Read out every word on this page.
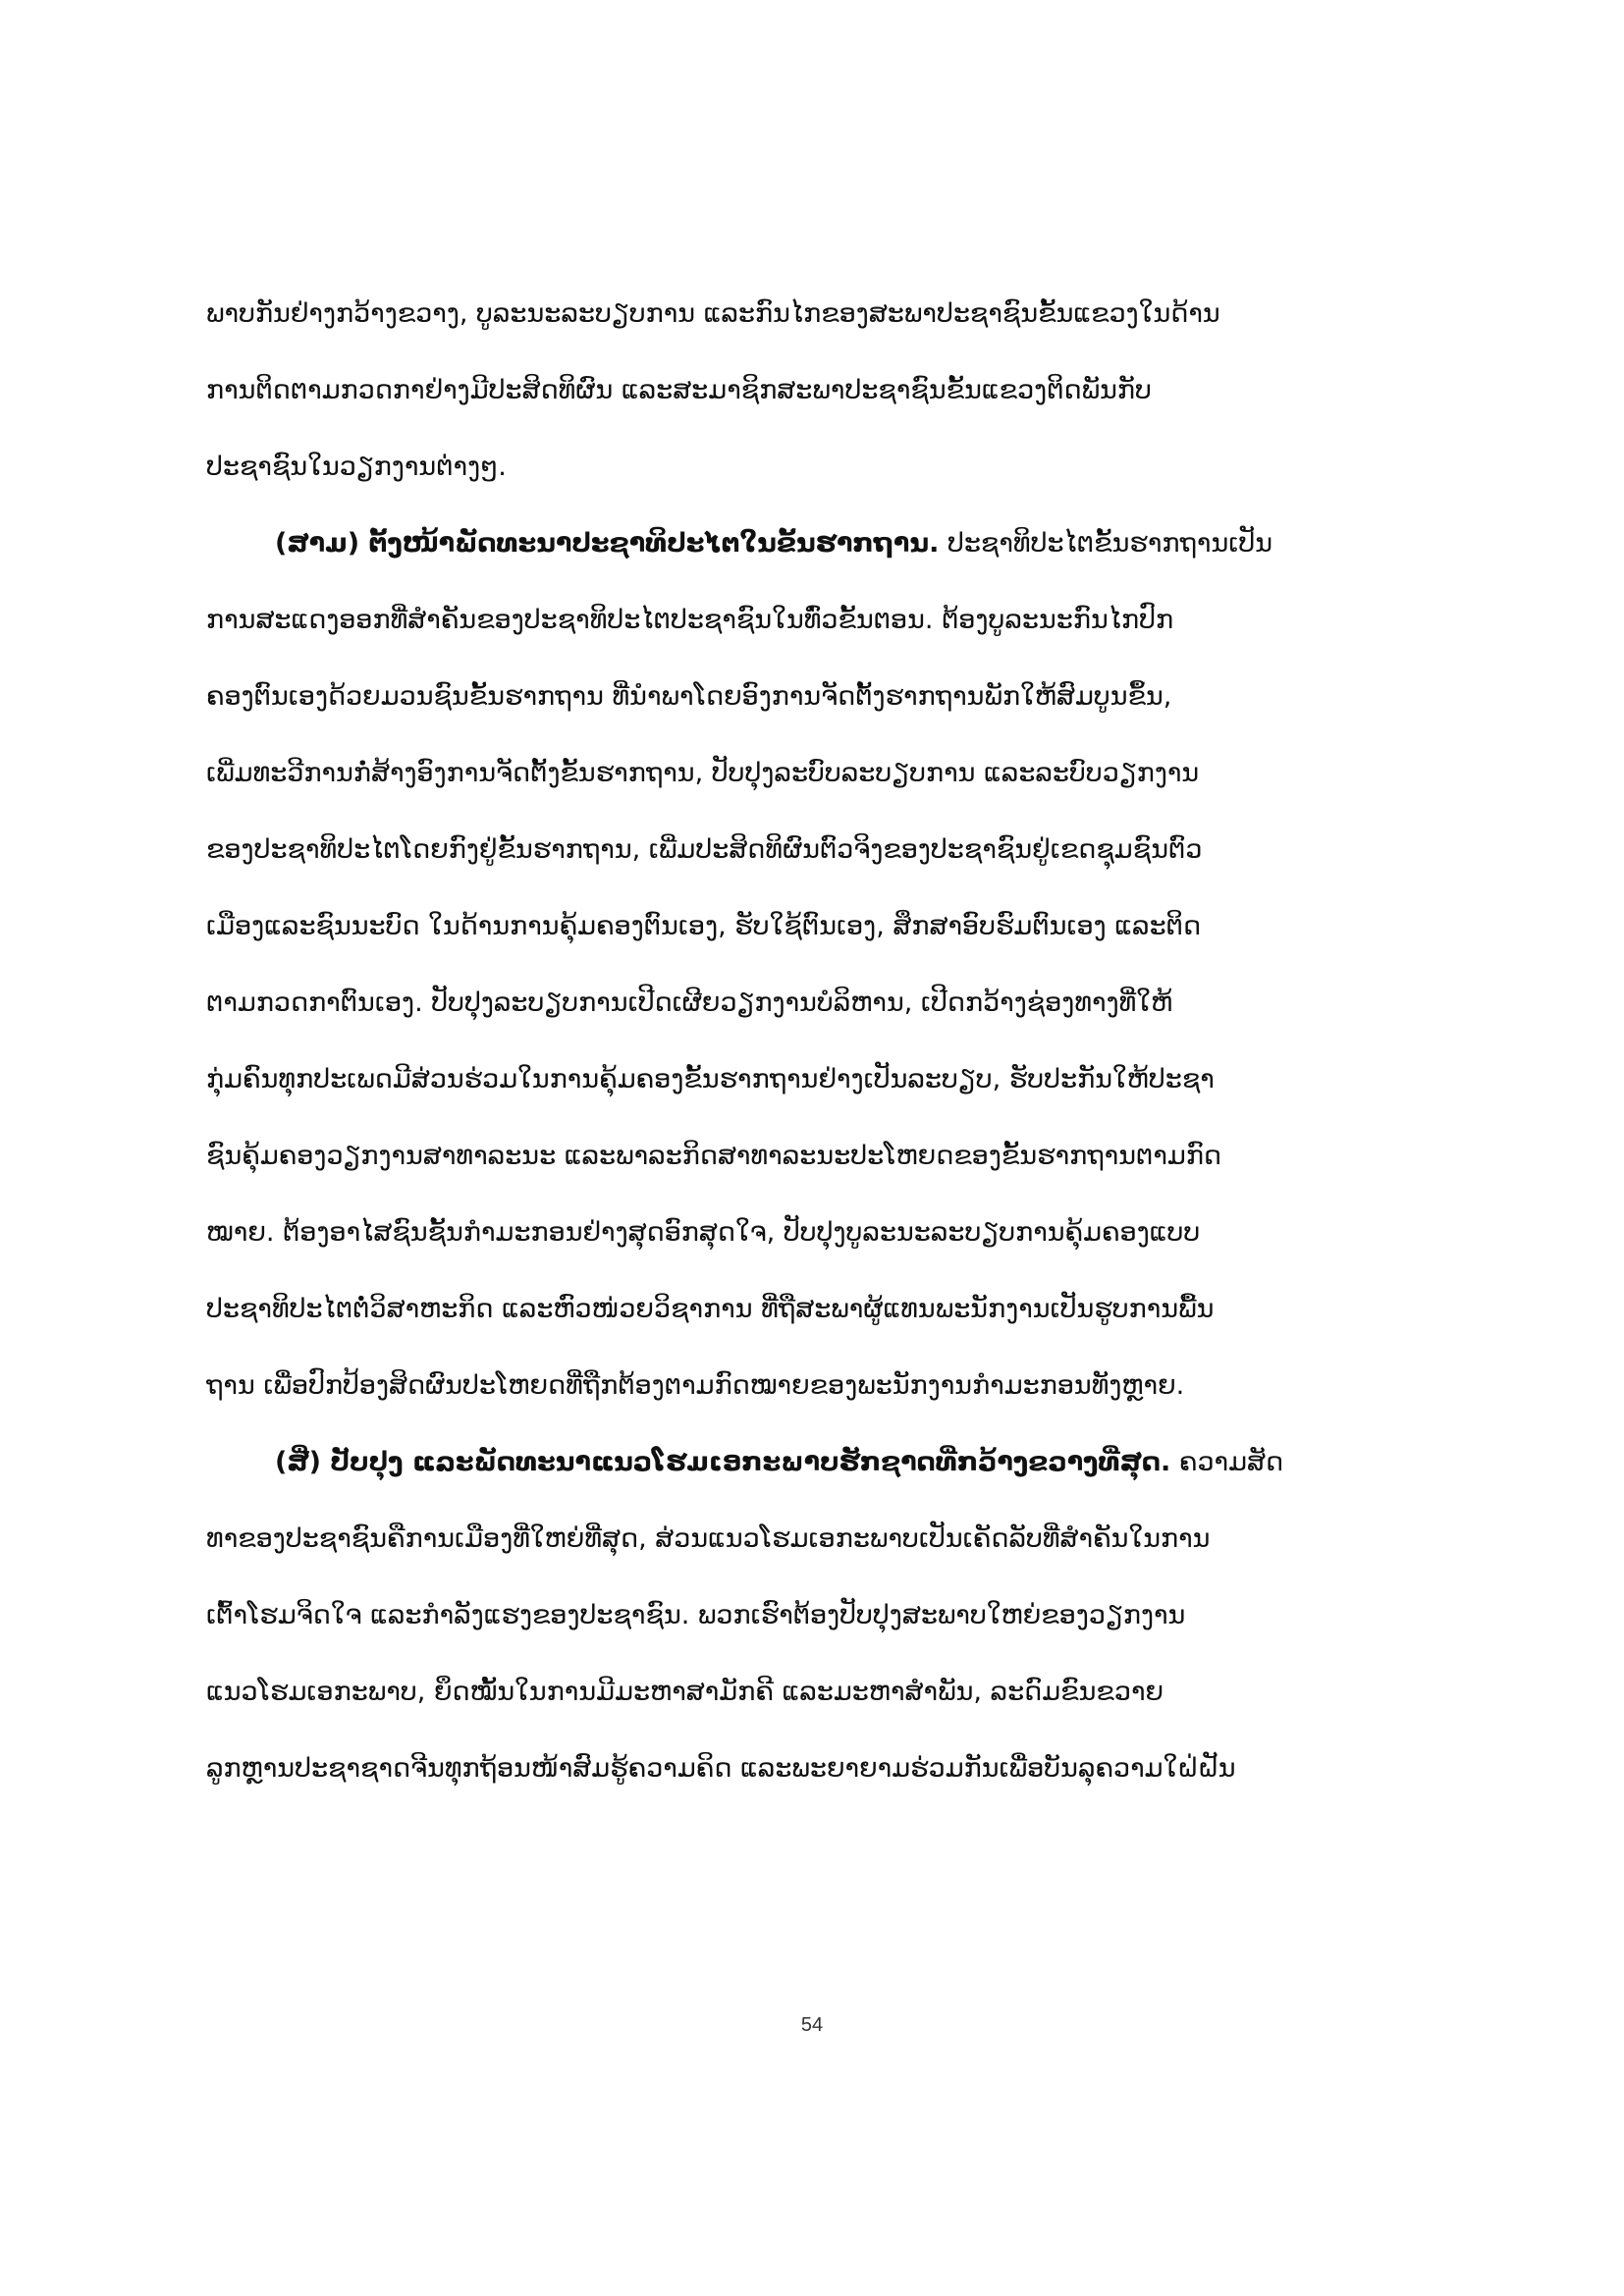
ພາບກັນຢ່າງກວ້າງຂວາງ, ບູລະນະລະບຽບການ ແລະກົນໄກຂອງສະພາປະຊາຊົນຂັ້ນແຂວງໃນດ້ານ
ການຕິດຕາມກວດກາຢ່າງມີປະສິດທິຜົນ ແລະສະມາຊິກສະພາປະຊາຊົນຂັ້ນແຂວງຕິດພັນກັບ
ປະຊາຊົນໃນວຽກງານຕ່າງໆ.
(ສາມ) ຕັ້ງໜ້າພັດທະນາປະຊາທິປະໄຕໃນຂັ້ນຮາກຖານ. ປະຊາທິປະໄຕຂັ້ນຮາກຖານເປັນ
ການສະແດງອອກທີ່ສຳຄັນຂອງປະຊາທິປະໄຕປະຊາຊົນໃນທົ່ວຂັ້ນຕອນ. ຕ້ອງບູລະນະກົນໄກປົກ
ຄອງຕົນເອງດ້ວຍມວນຊົນຂັ້ນຮາກຖານ ທີ່ນຳພາໂດຍອົງການຈັດຕັ້ງຮາກຖານພັກໃຫ້ສົມບູນຂຶ້ນ,
ເພີ່ມທະວີການກໍ່ສ້າງອົງການຈັດຕັ້ງຂັ້ນຮາກຖານ, ປັບປຸງລະບົບລະບຽບການ ແລະລະບົບວຽກງານ
ຂອງປະຊາທິປະໄຕໂດຍກົງຢູ່ຂັ້ນຮາກຖານ, ເພີ່ມປະສິດທິຜົນຕົວຈິງຂອງປະຊາຊົນຢູ່ເຂດຊຸມຊົນຕົວ
ເມືອງແລະຊົນນະບົດ ໃນດ້ານການຄຸ້ມຄອງຕົນເອງ, ຮັບໃຊ້ຕົນເອງ, ສຶກສາອົບຮົມຕົນເອງ ແລະຕິດ
ຕາມກວດກາຕົນເອງ. ປັບປຸງລະບຽບການເປີດເຜີຍວຽກງານບໍລິຫານ, ເປີດກວ້າງຊ່ອງທາງທີ່ໃຫ້
ກຸ່ມຄົນທຸກປະເພດມີສ່ວນຮ່ວມໃນການຄຸ້ມຄອງຂັ້ນຮາກຖານຢ່າງເປັນລະບຽບ, ຮັບປະກັນໃຫ້ປະຊາ
ຊົນຄຸ້ມຄອງວຽກງານສາທາລະນະ ແລະພາລະກິດສາທາລະນະປະໂຫຍດຂອງຂັ້ນຮາກຖານຕາມກົດ
ໝາຍ. ຕ້ອງອາໄສຊົນຊັ້ນກຳມະກອນຢ່າງສຸດອົກສຸດໃຈ, ປັບປຸງບູລະນະລະບຽບການຄຸ້ມຄອງແບບ
ປະຊາທິປະໄຕຕໍ່ວິສາຫະກິດ ແລະຫົວໜ່ວຍວິຊາການ ທີ່ຖືສະພາຜູ້ແທນພະນັກງານເປັນຮູບການພື້ນ
ຖານ ເພື່ອປົກປ້ອງສິດຜົນປະໂຫຍດທີ່ຖືກຕ້ອງຕາມກົດໝາຍຂອງພະນັກງານກຳມະກອນທັງຫຼາຍ.
(ສີ່) ປັບປຸງ ແລະພັດທະນາແນວໂຮມເອກະພາບຮັກຊາດທີ່ກວ້າງຂວາງທີ່ສຸດ. ຄວາມສັດ
ທາຂອງປະຊາຊົນຄືການເມືອງທີ່ໃຫຍ່ທີ່ສຸດ, ສ່ວນແນວໂຮມເອກະພາບເປັນເຄັດລັບທີ່ສຳຄັນໃນການ
ເຕົ້າໂຮມຈິດໃຈ ແລະກຳລັງແຮງຂອງປະຊາຊົນ. ພວກເຮົາຕ້ອງປັບປຸງສະພາບໃຫຍ່ຂອງວຽກງານ
ແນວໂຮມເອກະພາບ, ຍຶດໝັ້ນໃນການມີມະຫາສາມັກຄີ ແລະມະຫາສຳພັນ, ລະດົມຂົນຂວາຍ
ລູກຫຼານປະຊາຊາດຈີນທຸກຖ້ອນໜ້າສົມຮູ້ຄວາມຄິດ ແລະພະຍາຍາມຮ່ວມກັນເພື່ອບັນລຸຄວາມໃຝ່ຝັນ
54
